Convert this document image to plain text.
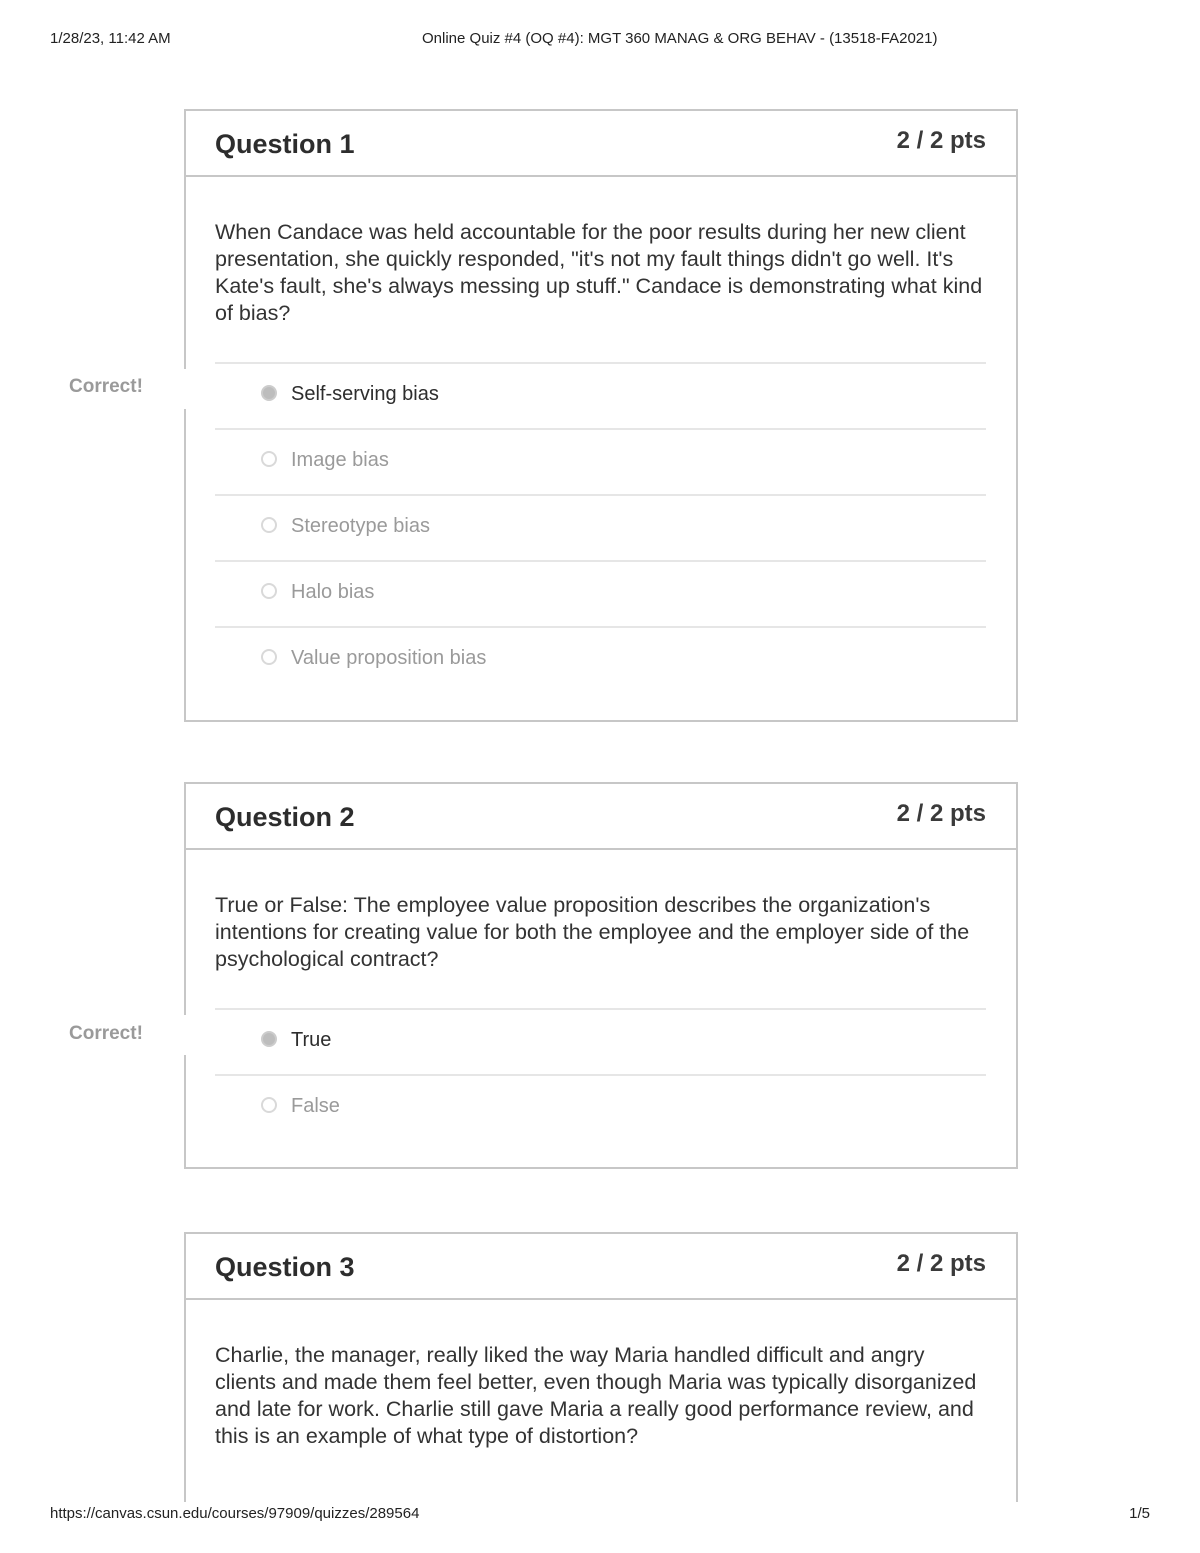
1/28/23, 11:42 AM	Online Quiz #4 (OQ #4): MGT 360 MANAG & ORG BEHAV - (13518-FA2021)
Question 1	2 / 2 pts

When Candace was held accountable for the poor results during her new client presentation, she quickly responded, "it's not my fault things didn't go well. It's Kate's fault, she's always messing up stuff." Candace is demonstrating what kind of bias?

Self-serving bias
Image bias
Stereotype bias
Halo bias
Value proposition bias
Correct!
Question 2	2 / 2 pts

True or False: The employee value proposition describes the organization's intentions for creating value for both the employee and the employer side of the psychological contract?

True
False
Correct!
Question 3	2 / 2 pts

Charlie, the manager, really liked the way Maria handled difficult and angry clients and made them feel better, even though Maria was typically disorganized and late for work. Charlie still gave Maria a really good performance review, and this is an example of what type of distortion?

https://canvas.csun.edu/courses/97909/quizzes/289564	1/5
